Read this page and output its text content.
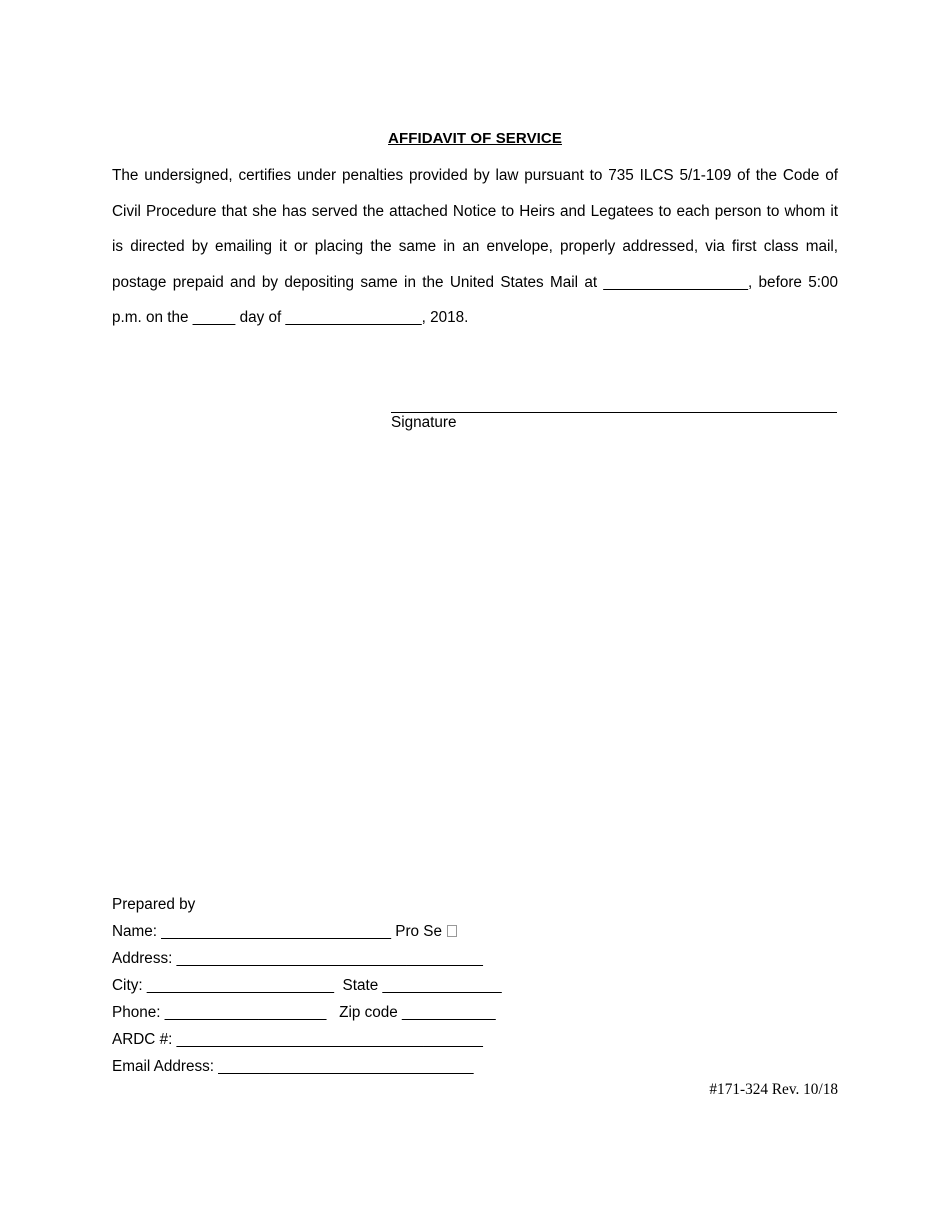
AFFIDAVIT OF SERVICE

The undersigned, certifies under penalties provided by law pursuant to 735 ILCS 5/1-109 of the Code of Civil Procedure that she has served the attached Notice to Heirs and Legatees to each person to whom it is directed by emailing it or placing the same in an envelope, properly addressed, via first class mail, postage prepaid and by depositing same in the United States Mail at _________________, before 5:00 p.m. on the _____ day of ________________, 2018.

Signature
Prepared by
Name: ___________________________ Pro Se
Address: ____________________________________
City: ______________________  State ______________
Phone: ___________________   Zip code ___________
ARDC #: ____________________________________
Email Address: ______________________________
#171-324 Rev. 10/18
